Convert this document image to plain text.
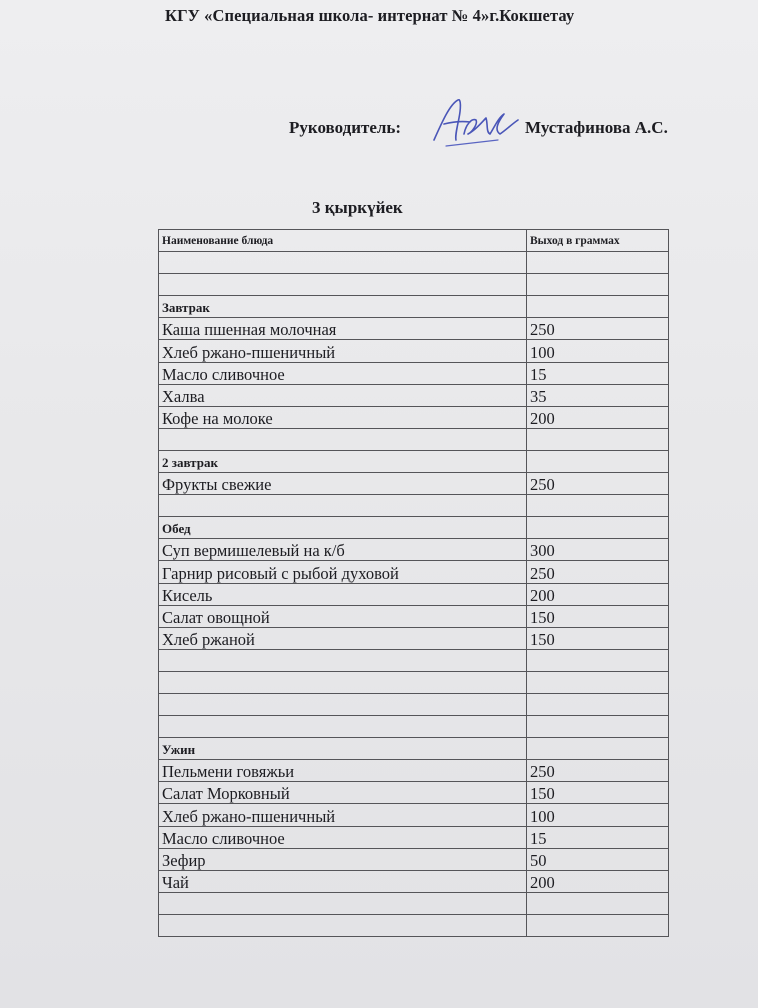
КГУ «Специальная школа- интернат № 4»г.Кокшетау
Руководитель:	Мустафинова А.С.
3 қыркүйек
Наименование блюда	Выход в граммах

Завтрак	
Каша пшенная молочная	250
Хлеб ржано-пшеничный	100
Масло сливочное	15
Халва	35
Кофе на молоке	200

2 завтрак	
Фрукты свежие	250

Обед	
Суп вермишелевый на к/б	300
Гарнир рисовый с рыбой духовой	250
Кисель	200
Салат овощной	150
Хлеб ржаной	150

Ужин	
Пельмени говяжьи	250
Салат Морковный	150
Хлеб ржано-пшеничный	100
Масло сливочное	15
Зефир	50
Чай	200
